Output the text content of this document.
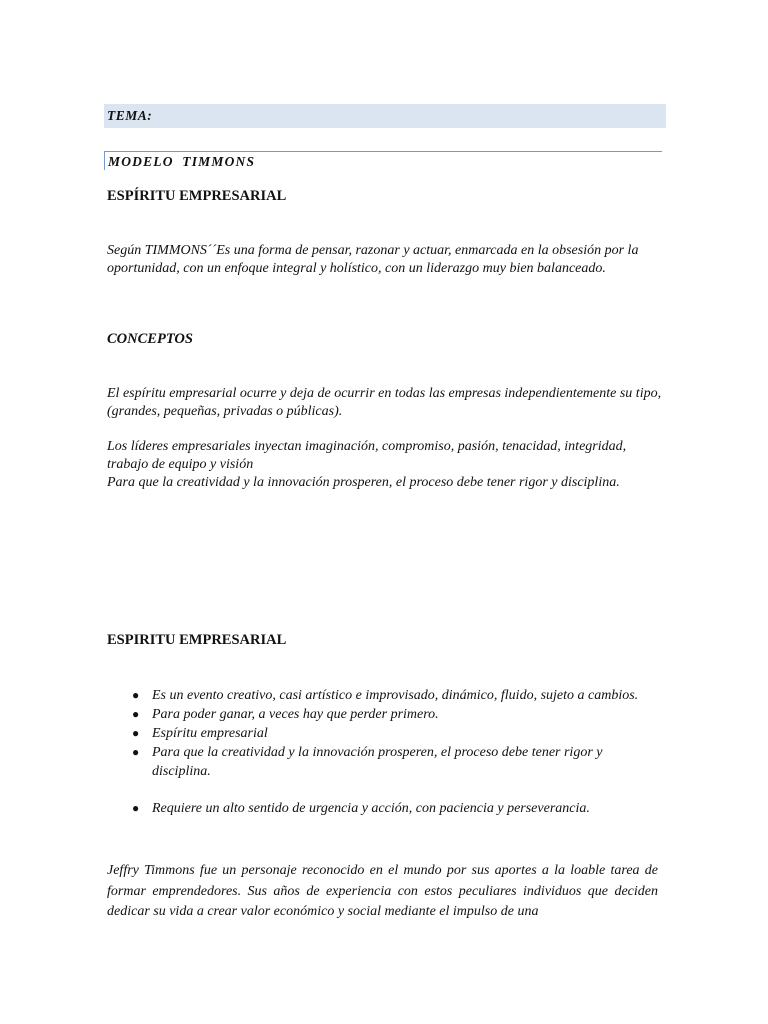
TEMA:
MODELO TIMMONS
ESPÍRITU EMPRESARIAL

Según TIMMONS´´Es una forma de pensar, razonar y actuar, enmarcada en la obsesión por la oportunidad, con un enfoque integral y holístico, con un liderazgo muy bien balanceado.

CONCEPTOS

El espíritu empresarial ocurre y deja de ocurrir en todas las empresas independientemente su tipo, (grandes, pequeñas, privadas o públicas).

Los líderes empresariales inyectan imaginación, compromiso, pasión, tenacidad, integridad, trabajo de equipo y visión
Para que la creatividad y la innovación prosperen, el proceso debe tener rigor y disciplina.

ESPIRITU EMPRESARIAL
● Es un evento creativo, casi artístico e improvisado, dinámico, fluido, sujeto a cambios.
● Para poder ganar, a veces hay que perder primero.
● Espíritu empresarial
● Para que la creatividad y la innovación prosperen, el proceso debe tener rigor y disciplina.
● Requiere un alto sentido de urgencia y acción, con paciencia y perseverancia.

Jeffry Timmons fue un personaje reconocido en el mundo por sus aportes a la loable tarea de formar emprendedores. Sus años de experiencia con estos peculiares individuos que deciden dedicar su vida a crear valor económico y social mediante el impulso de una
